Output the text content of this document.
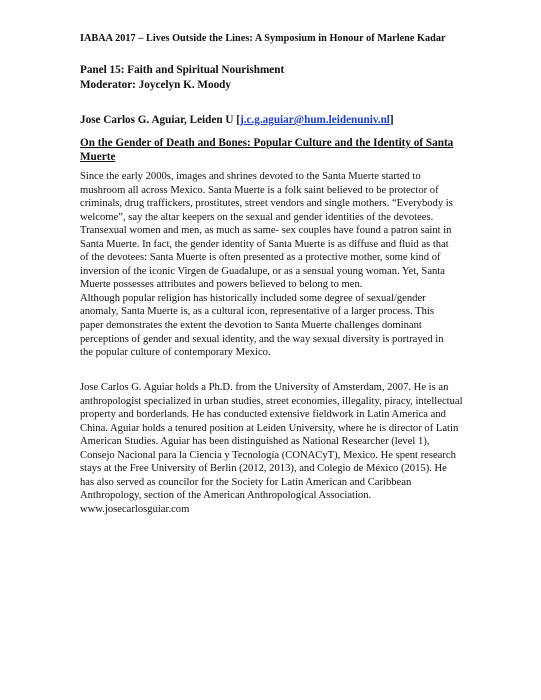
IABAA 2017 – Lives Outside the Lines: A Symposium in Honour of Marlene Kadar
Panel 15: Faith and Spiritual Nourishment
Moderator: Joycelyn K. Moody
Jose Carlos G. Aguiar, Leiden U [j.c.g.aguiar@hum.leidenuniv.nl]
On the Gender of Death and Bones: Popular Culture and the Identity of Santa
Muerte
Since the early 2000s, images and shrines devoted to the Santa Muerte started to
mushroom all across Mexico. Santa Muerte is a folk saint believed to be protector of
criminals, drug traffickers, prostitutes, street vendors and single mothers. “Everybody is
welcome”, say the altar keepers on the sexual and gender identities of the devotees.
Transexual women and men, as much as same- sex couples have found a patron saint in
Santa Muerte. In fact, the gender identity of Santa Muerte is as diffuse and fluid as that
of the devotees: Santa Muerte is often presented as a protective mother, some kind of
inversion of the iconic Virgen de Guadalupe, or as a sensual young woman. Yet, Santa
Muerte possesses attributes and powers believed to belong to men.
Although popular religion has historically included some degree of sexual/gender
anomaly, Santa Muerte is, as a cultural icon, representative of a larger process. This
paper demonstrates the extent the devotion to Santa Muerte challenges dominant
perceptions of gender and sexual identity, and the way sexual diversity is portrayed in
the popular culture of contemporary Mexico.
Jose Carlos G. Aguiar holds a Ph.D. from the University of Amsterdam, 2007. He is an
anthropologist specialized in urban studies, street economies, illegality, piracy, intellectual
property and borderlands. He has conducted extensive fieldwork in Latin America and
China. Aguiar holds a tenured position at Leiden University, where he is director of Latin
American Studies. Aguiar has been distinguished as National Researcher (level 1),
Consejo Nacional para la Ciencia y Tecnología (CONACyT), Mexico. He spent research
stays at the Free University of Berlin (2012, 2013), and Colegio de México (2015). He
has also served as councilor for the Society for Latin American and Caribbean
Anthropology, section of the American Anthropological Association.
www.josecarlosguiar.com
